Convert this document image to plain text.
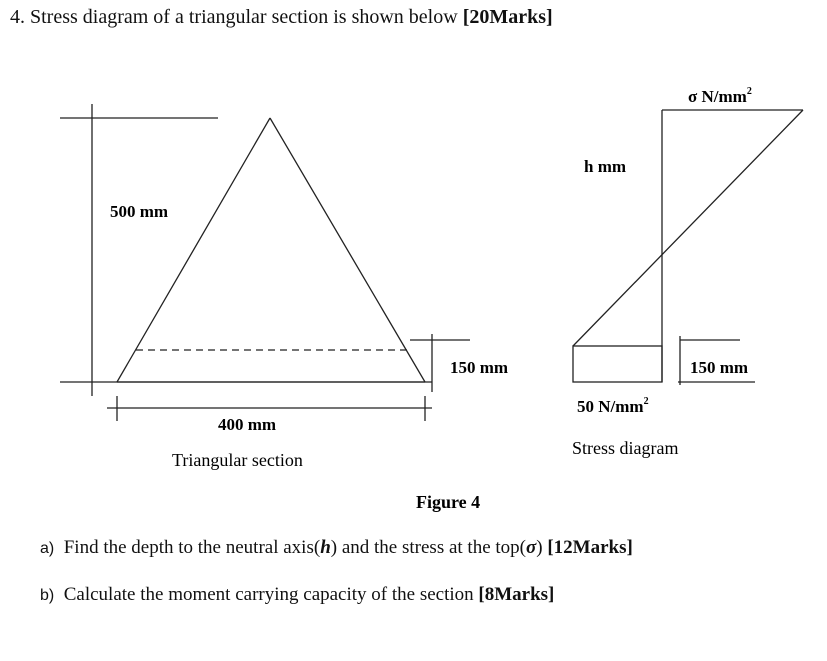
4. Stress diagram of a triangular section is shown below [20Marks]
500 mm
150 mm
400 mm
Triangular section
σ $N/mm^2$
h mm
150 mm
50 $N/mm^2$
Stress diagram
Figure 4
a) Find the depth to the neutral axis(h) and the stress at the top(σ) [12Marks]
b) Calculate the moment carrying capacity of the section [8Marks]
